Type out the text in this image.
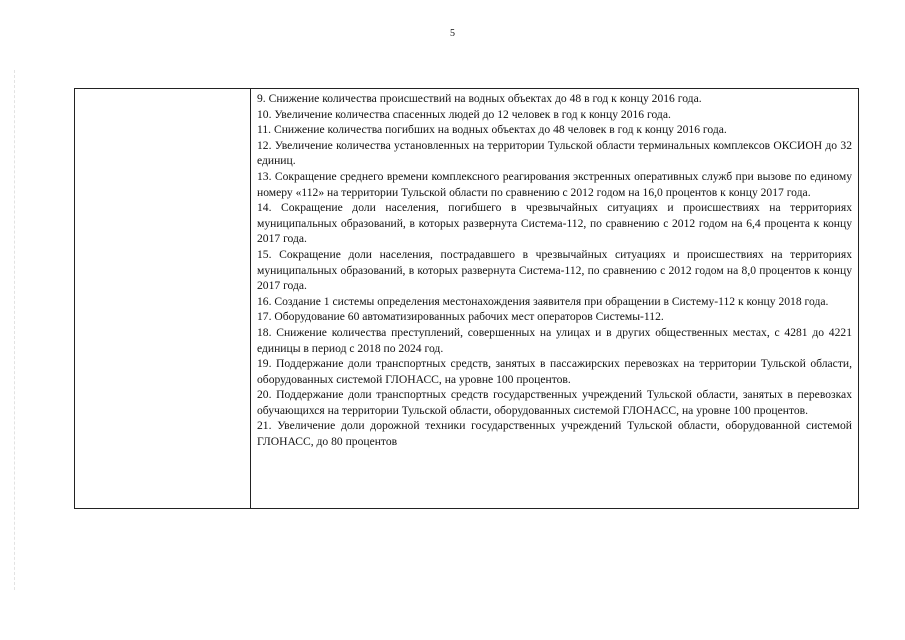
5

9. Снижение количества происшествий на водных объектах до 48 в год к концу 2016 года.

10. Увеличение количества спасенных людей до 12 человек в год к концу 2016 года.

11. Снижение количества погибших на водных объектах до 48 человек в год к концу 2016 года.

12. Увеличение количества установленных на территории Тульской области терминальных комплексов ОКСИОН до 32 единиц.

13. Сокращение среднего времени комплексного реагирования экстренных оперативных служб при вызове по единому номеру «112» на территории Тульской области по сравнению с 2012 годом на 16,0 процентов к концу 2017 года.

14. Сокращение доли населения, погибшего в чрезвычайных ситуациях и происшествиях на территориях муниципальных образований, в которых развернута Система-112, по сравнению с 2012 годом на 6,4 процента к концу 2017 года.

15. Сокращение доли населения, пострадавшего в чрезвычайных ситуациях и происшествиях на территориях муниципальных образований, в которых развернута Система-112, по сравнению с 2012 годом на 8,0 процентов к концу 2017 года.

16. Создание 1 системы определения местонахождения заявителя при обращении в Систему-112 к концу 2018 года.

17. Оборудование 60 автоматизированных рабочих мест операторов Системы-112.

18. Снижение количества преступлений, совершенных на улицах и в других общественных местах, с 4281 до 4221 единицы в период с 2018 по 2024 год.

19. Поддержание доли транспортных средств, занятых в пассажирских перевозках на территории Тульской области, оборудованных системой ГЛОНАСС, на уровне 100 процентов.

20. Поддержание доли транспортных средств государственных учреждений Тульской области, занятых в перевозках обучающихся на территории Тульской области, оборудованных системой ГЛОНАСС, на уровне 100 процентов.

21. Увеличение доли дорожной техники государственных учреждений Тульской области, оборудованной системой ГЛОНАСС, до 80 процентов
